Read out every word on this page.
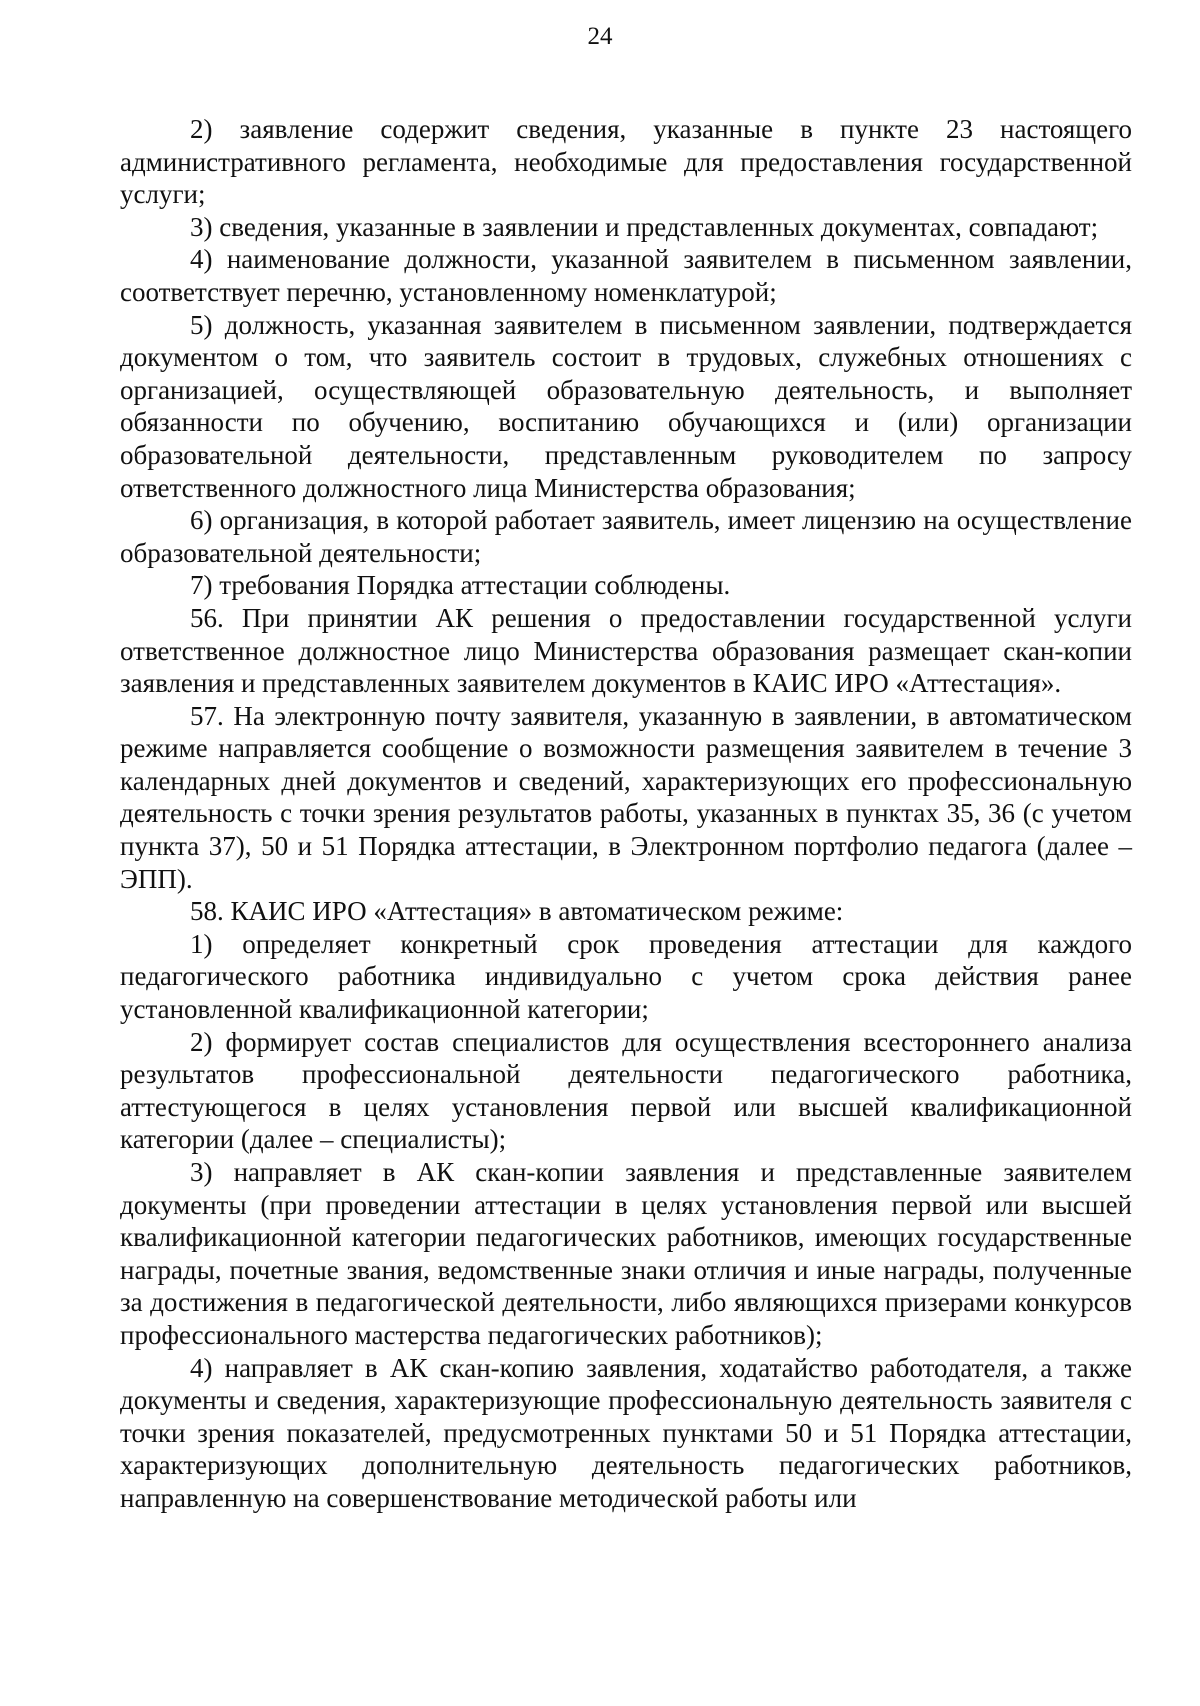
24

2) заявление содержит сведения, указанные в пункте 23 настоящего административного регламента, необходимые для предоставления государственной услуги;

3) сведения, указанные в заявлении и представленных документах, совпадают;

4) наименование должности, указанной заявителем в письменном заявлении, соответствует перечню, установленному номенклатурой;

5) должность, указанная заявителем в письменном заявлении, подтверждается документом о том, что заявитель состоит в трудовых, служебных отношениях с организацией, осуществляющей образовательную деятельность, и выполняет обязанности по обучению, воспитанию обучающихся и (или) организации образовательной деятельности, представленным руководителем по запросу ответственного должностного лица Министерства образования;

6) организация, в которой работает заявитель, имеет лицензию на осуществление образовательной деятельности;

7) требования Порядка аттестации соблюдены.

56. При принятии АК решения о предоставлении государственной услуги ответственное должностное лицо Министерства образования размещает скан-копии заявления и представленных заявителем документов в КАИС ИРО «Аттестация».

57. На электронную почту заявителя, указанную в заявлении, в автоматическом режиме направляется сообщение о возможности размещения заявителем в течение 3 календарных дней документов и сведений, характеризующих его профессиональную деятельность с точки зрения результатов работы, указанных в пунктах 35, 36 (с учетом пункта 37), 50 и 51 Порядка аттестации, в Электронном портфолио педагога (далее – ЭПП).

58. КАИС ИРО «Аттестация» в автоматическом режиме:

1) определяет конкретный срок проведения аттестации для каждого педагогического работника индивидуально с учетом срока действия ранее установленной квалификационной категории;

2) формирует состав специалистов для осуществления всестороннего анализа результатов профессиональной деятельности педагогического работника, аттестующегося в целях установления первой или высшей квалификационной категории (далее – специалисты);

3) направляет в АК скан-копии заявления и представленные заявителем документы (при проведении аттестации в целях установления первой или высшей квалификационной категории педагогических работников, имеющих государственные награды, почетные звания, ведомственные знаки отличия и иные награды, полученные за достижения в педагогической деятельности, либо являющихся призерами конкурсов профессионального мастерства педагогических работников);

4) направляет в АК скан-копию заявления, ходатайство работодателя, а также документы и сведения, характеризующие профессиональную деятельность заявителя с точки зрения показателей, предусмотренных пунктами 50 и 51 Порядка аттестации, характеризующих дополнительную деятельность педагогических работников, направленную на совершенствование методической работы или
